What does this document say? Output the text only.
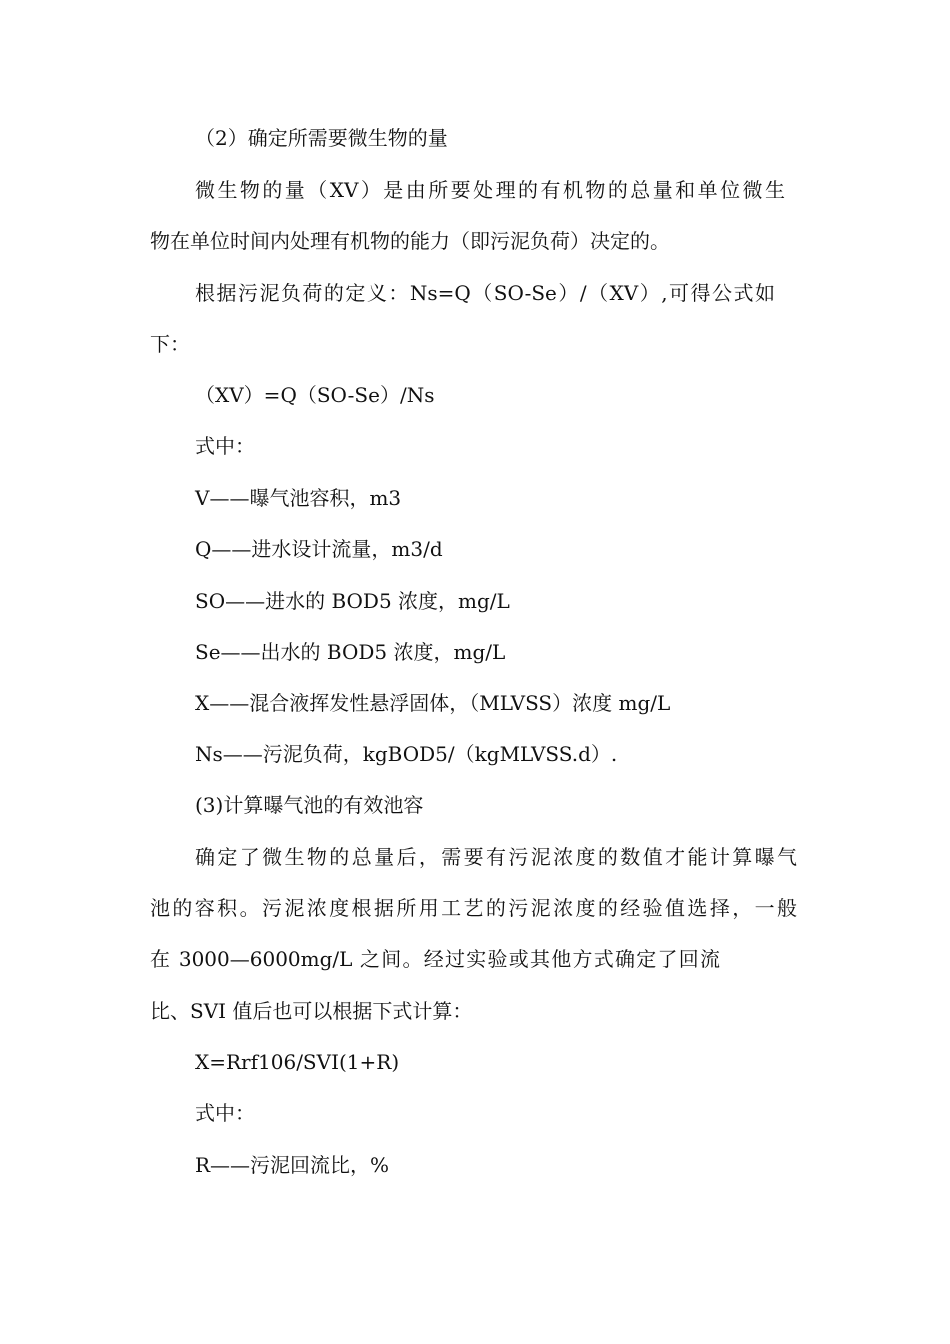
（2）确定所需要微生物的量
微生物的量（XV）是由所要处理的有机物的总量和单位微生
物在单位时间内处理有机物的能力（即污泥负荷）决定的。
根据污泥负荷的定义：Ns=Q（SO-Se）/（XV）,可得公式如
下：
（XV）=Q（SO-Se）/Ns
式中：
V——曝气池容积，m3
Q——进水设计流量，m3/d
SO——进水的 BOD5 浓度，mg/L
Se——出水的 BOD5 浓度，mg/L
X——混合液挥发性悬浮固体，（MLVSS）浓度 mg/L
Ns——污泥负荷，kgBOD5/（kgMLVSS.d）.
(3)计算曝气池的有效池容
确定了微生物的总量后，需要有污泥浓度的数值才能计算曝气
池的容积。污泥浓度根据所用工艺的污泥浓度的经验值选择，一般
在 3000—6000mg/L 之间。经过实验或其他方式确定了回流
比、SVI 值后也可以根据下式计算：
X=Rrf106/SVI(1+R)
式中：
R——污泥回流比，%
